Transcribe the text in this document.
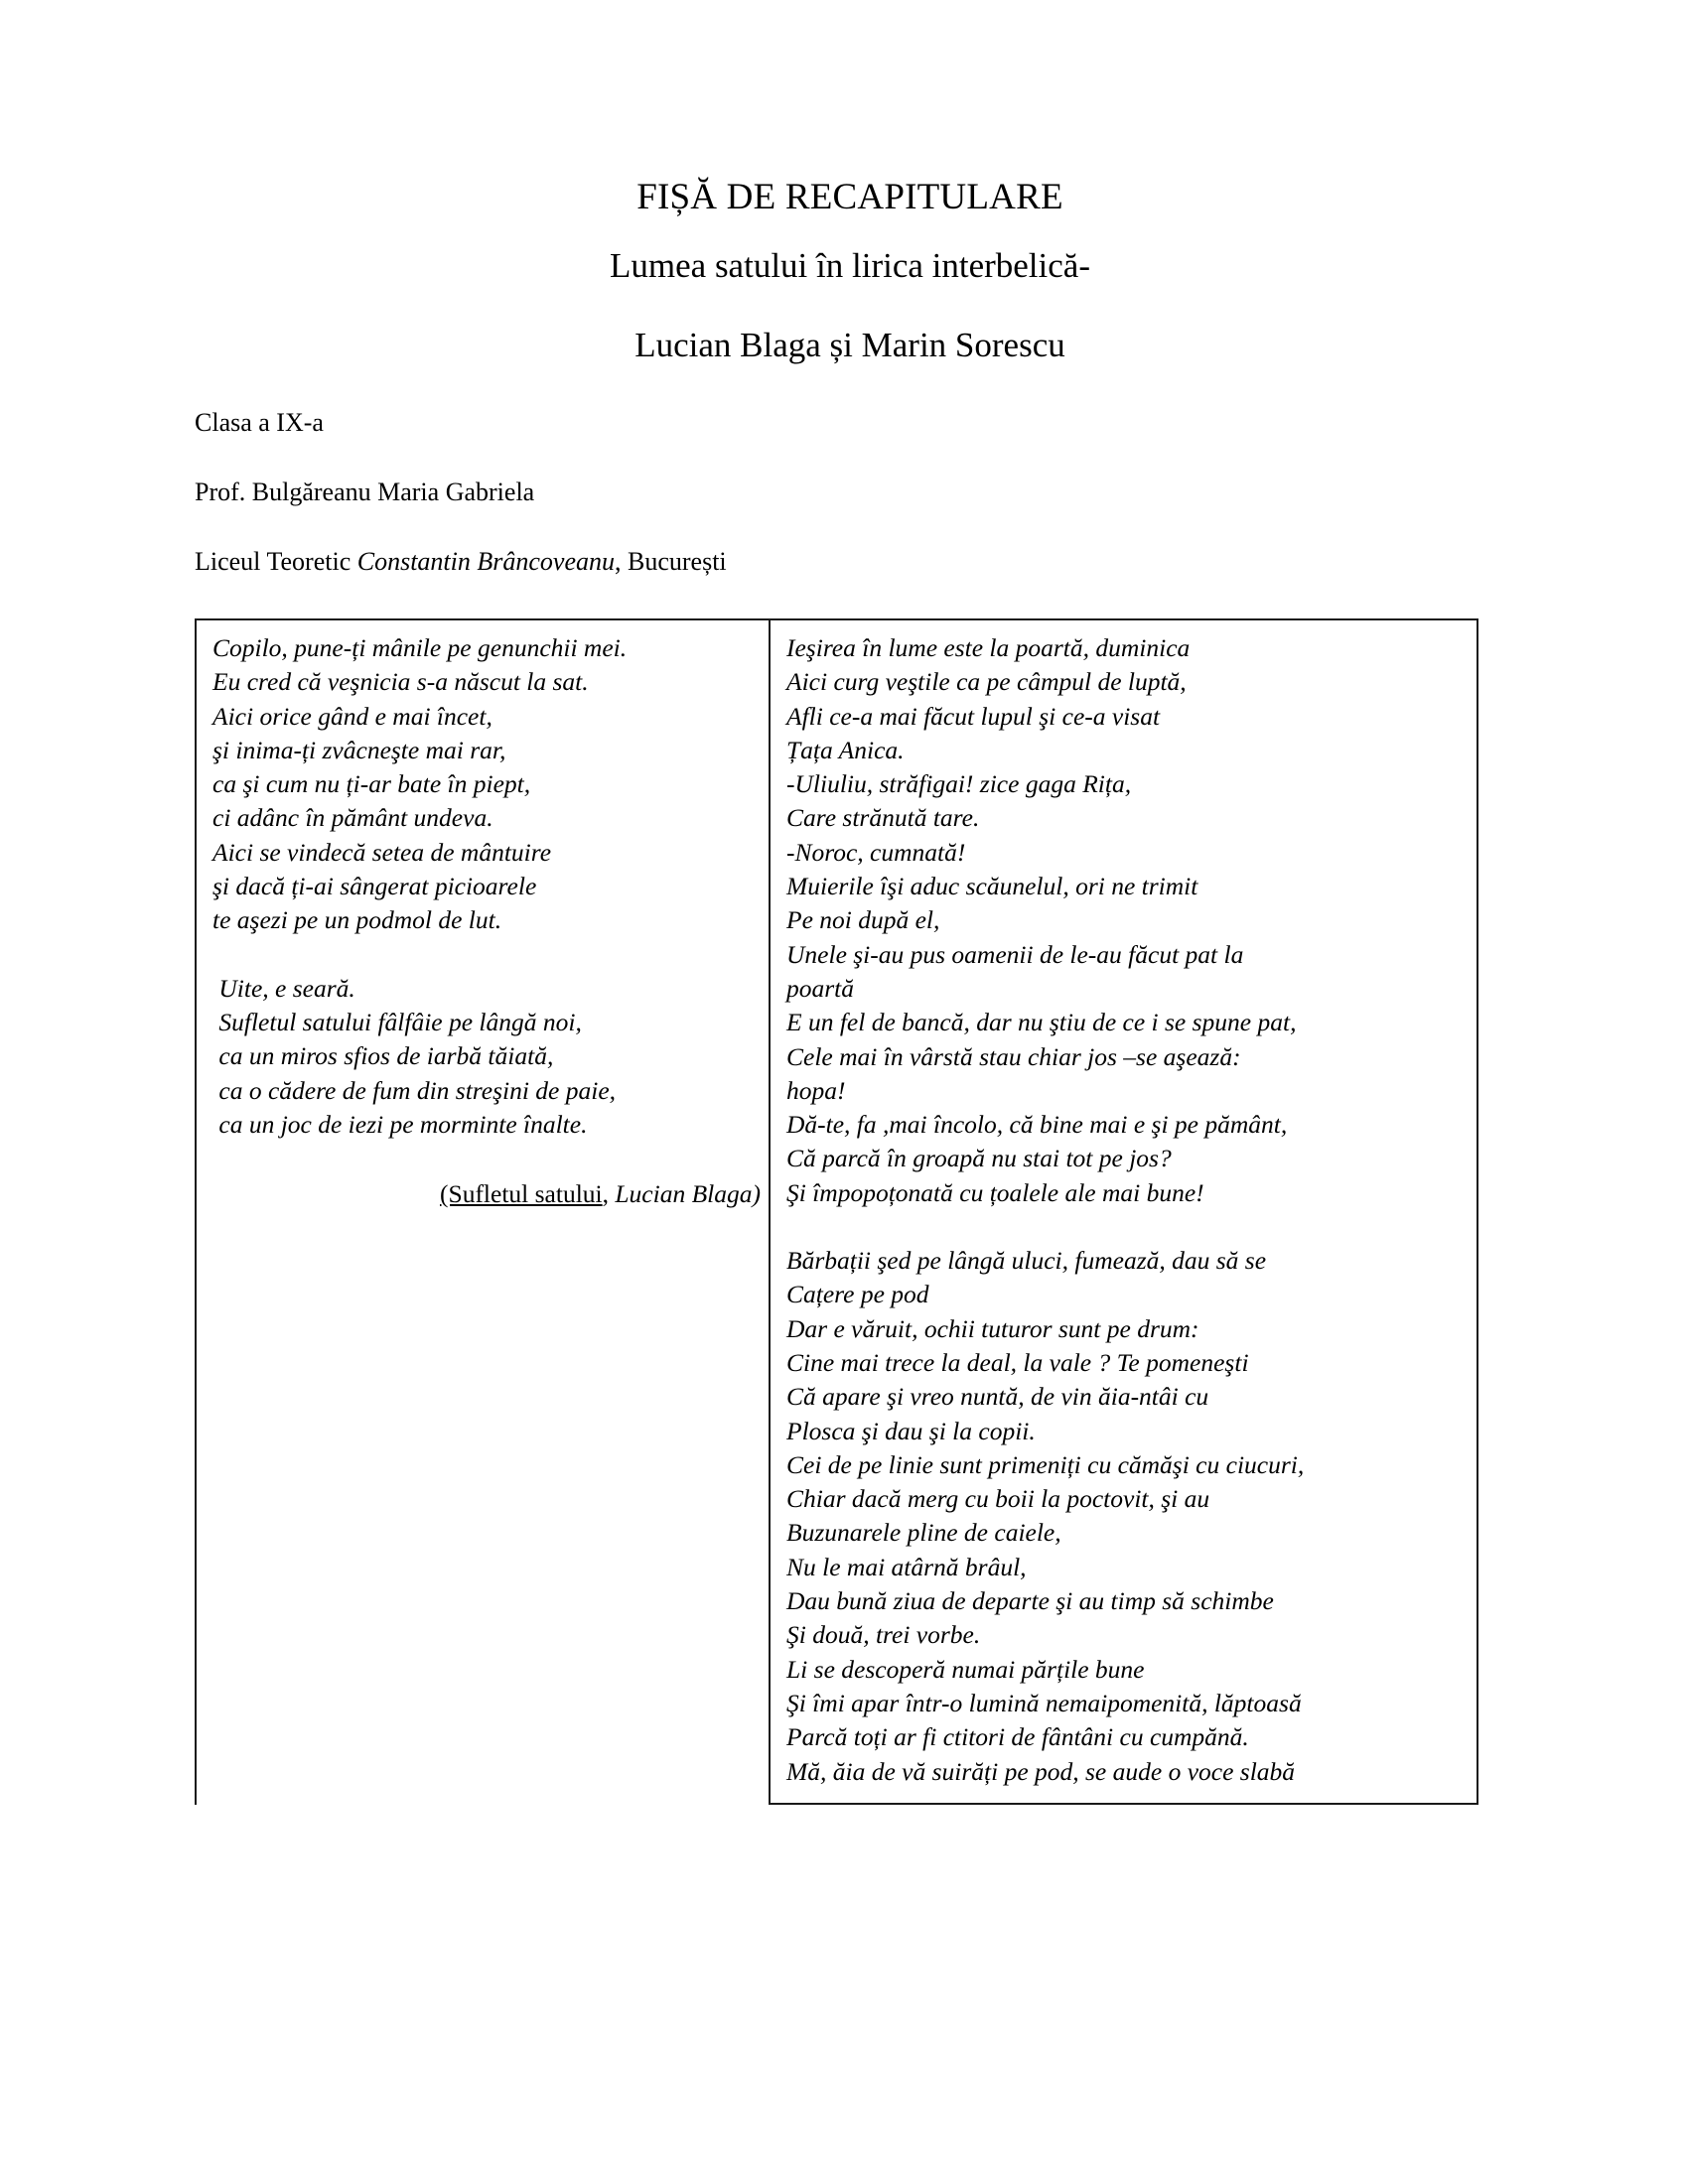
FIȘĂ DE RECAPITULARE
Lumea satului în lirica interbelică-
Lucian Blaga și Marin Sorescu
Clasa a IX-a
Prof. Bulgăreanu Maria Gabriela
Liceul Teoretic Constantin Brâncoveanu, București
Copilo, pune-ți mânile pe genunchii mei.
Eu cred că veşnicia s-a născut la sat.
Aici orice gând e mai încet,
şi inima-ți zvâcneşte mai rar,
ca şi cum nu ți-ar bate în piept,
ci adânc în pământ undeva.
Aici se vindecă setea de mântuire
şi dacă ți-ai sângerat picioarele
te aşezi pe un podmol de lut.
Uite, e seară.
Sufletul satului fâlfâie pe lângă noi,
ca un miros sfios de iarbă tăiată,
ca o cădere de fum din streşini de paie,
ca un joc de iezi pe morminte înalte.
(Sufletul satului, Lucian Blaga)
Ieşirea în lume este la poartă, duminica
Aici curg veştile ca pe câmpul de luptă,
Afli ce-a mai făcut lupul şi ce-a visat
Țața Anica.
-Uliuliu, străfigai! zice gaga Rița,
Care strănută tare.
-Noroc, cumnată!
Muierile îşi aduc scăunelul, ori ne trimit
Pe noi după el,
Unele şi-au pus oamenii de le-au făcut pat la
poartă
E un fel de bancă, dar nu ştiu de ce i se spune pat,
Cele mai în vârstă stau chiar jos –se aşează:
hopa!
Dă-te, fa ,mai încolo, că bine mai e şi pe pământ,
Că parcă în groapă nu stai tot pe jos?
Şi împopoțonată cu țoalele ale mai bune!
Bărbații şed pe lângă uluci, fumează, dau să se
Cațere pe pod
Dar e văruit, ochii tuturor sunt pe drum:
Cine mai trece la deal, la vale ? Te pomeneşti
Că apare şi vreo nuntă, de vin ăia-ntâi cu
Plosca şi dau şi la copii.
Cei de pe linie sunt primeniți cu cămăşi cu ciucuri,
Chiar dacă merg cu boii la poctovit, şi au
Buzunarele pline de caiele,
Nu le mai atârnă brâul,
Dau bună ziua de departe şi au timp să schimbe
Şi două, trei vorbe.
Li se descoperă numai părțile bune
Şi îmi apar într-o lumină nemaipomenită, lăptoasă
Parcă toți ar fi ctitori de fântâni cu cumpănă.
Mă, ăia de vă suirăți pe pod, se aude o voce slabă
